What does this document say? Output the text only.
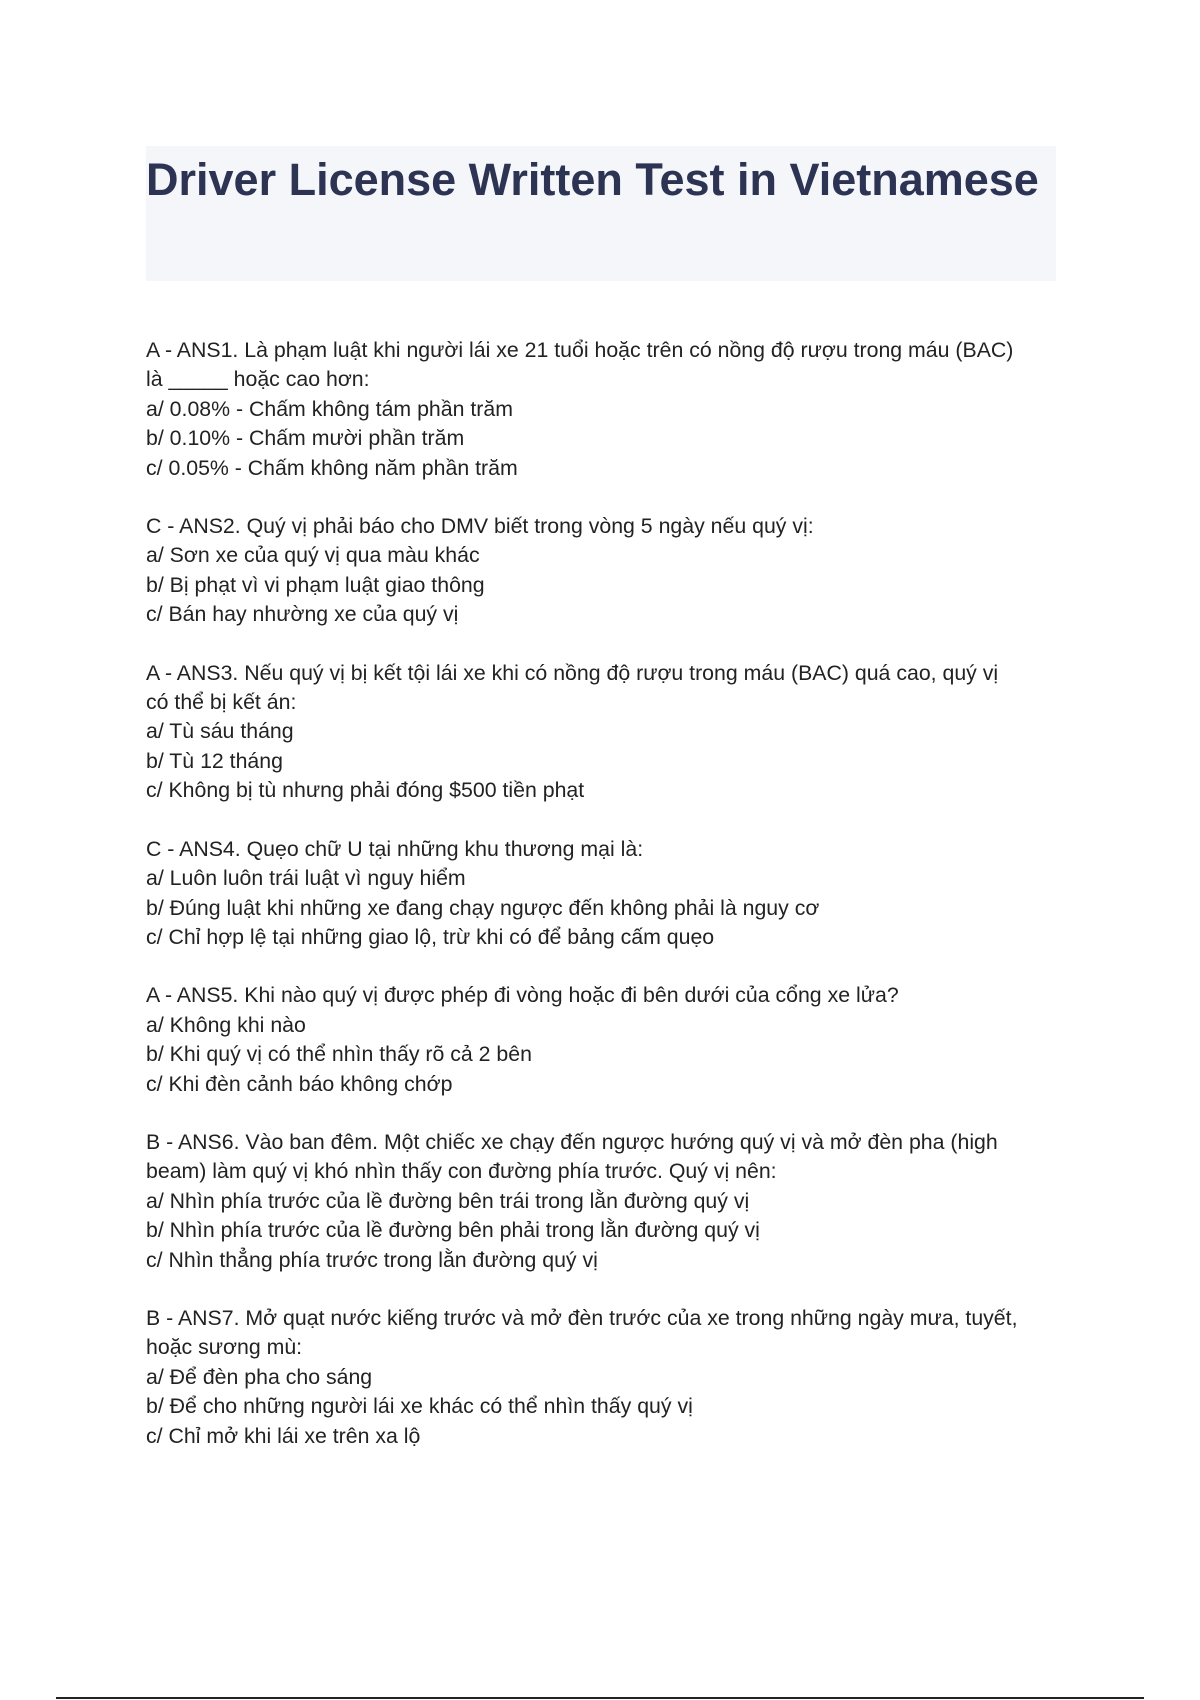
Driver License Written Test in Vietnamese
A - ANS1. Là phạm luật khi người lái xe 21 tuổi hoặc trên có nồng độ rượu trong máu (BAC)
là _____ hoặc cao hơn:
a/ 0.08% - Chấm không tám phần trăm
b/ 0.10% - Chấm mười phần trăm
c/ 0.05% - Chấm không năm phần trăm
C - ANS2. Quý vị phải báo cho DMV biết trong vòng 5 ngày nếu quý vị:
a/ Sơn xe của quý vị qua màu khác
b/ Bị phạt vì vi phạm luật giao thông
c/ Bán hay nhường xe của quý vị
A - ANS3. Nếu quý vị bị kết tội lái xe khi có nồng độ rượu trong máu (BAC) quá cao, quý vị
có thể bị kết án:
a/ Tù sáu tháng
b/ Tù 12 tháng
c/ Không bị tù nhưng phải đóng $500 tiền phạt
C - ANS4. Quẹo chữ U tại những khu thương mại là:
a/ Luôn luôn trái luật vì nguy hiểm
b/ Đúng luật khi những xe đang chạy ngược đến không phải là nguy cơ
c/ Chỉ hợp lệ tại những giao lộ, trừ khi có để bảng cấm quẹo
A - ANS5. Khi nào quý vị được phép đi vòng hoặc đi bên dưới của cổng xe lửa?
a/ Không khi nào
b/ Khi quý vị có thể nhìn thấy rõ cả 2 bên
c/ Khi đèn cảnh báo không chớp
B - ANS6. Vào ban đêm. Một chiếc xe chạy đến ngược hướng quý vị và mở đèn pha (high
beam) làm quý vị khó nhìn thấy con đường phía trước. Quý vị nên:
a/ Nhìn phía trước của lề đường bên trái trong lằn đường quý vị
b/ Nhìn phía trước của lề đường bên phải trong lằn đường quý vị
c/ Nhìn thẳng phía trước trong lằn đường quý vị
B - ANS7. Mở quạt nước kiếng trước và mở đèn trước của xe trong những ngày mưa, tuyết,
hoặc sương mù:
a/ Để đèn pha cho sáng
b/ Để cho những người lái xe khác có thể nhìn thấy quý vị
c/ Chỉ mở khi lái xe trên xa lộ
